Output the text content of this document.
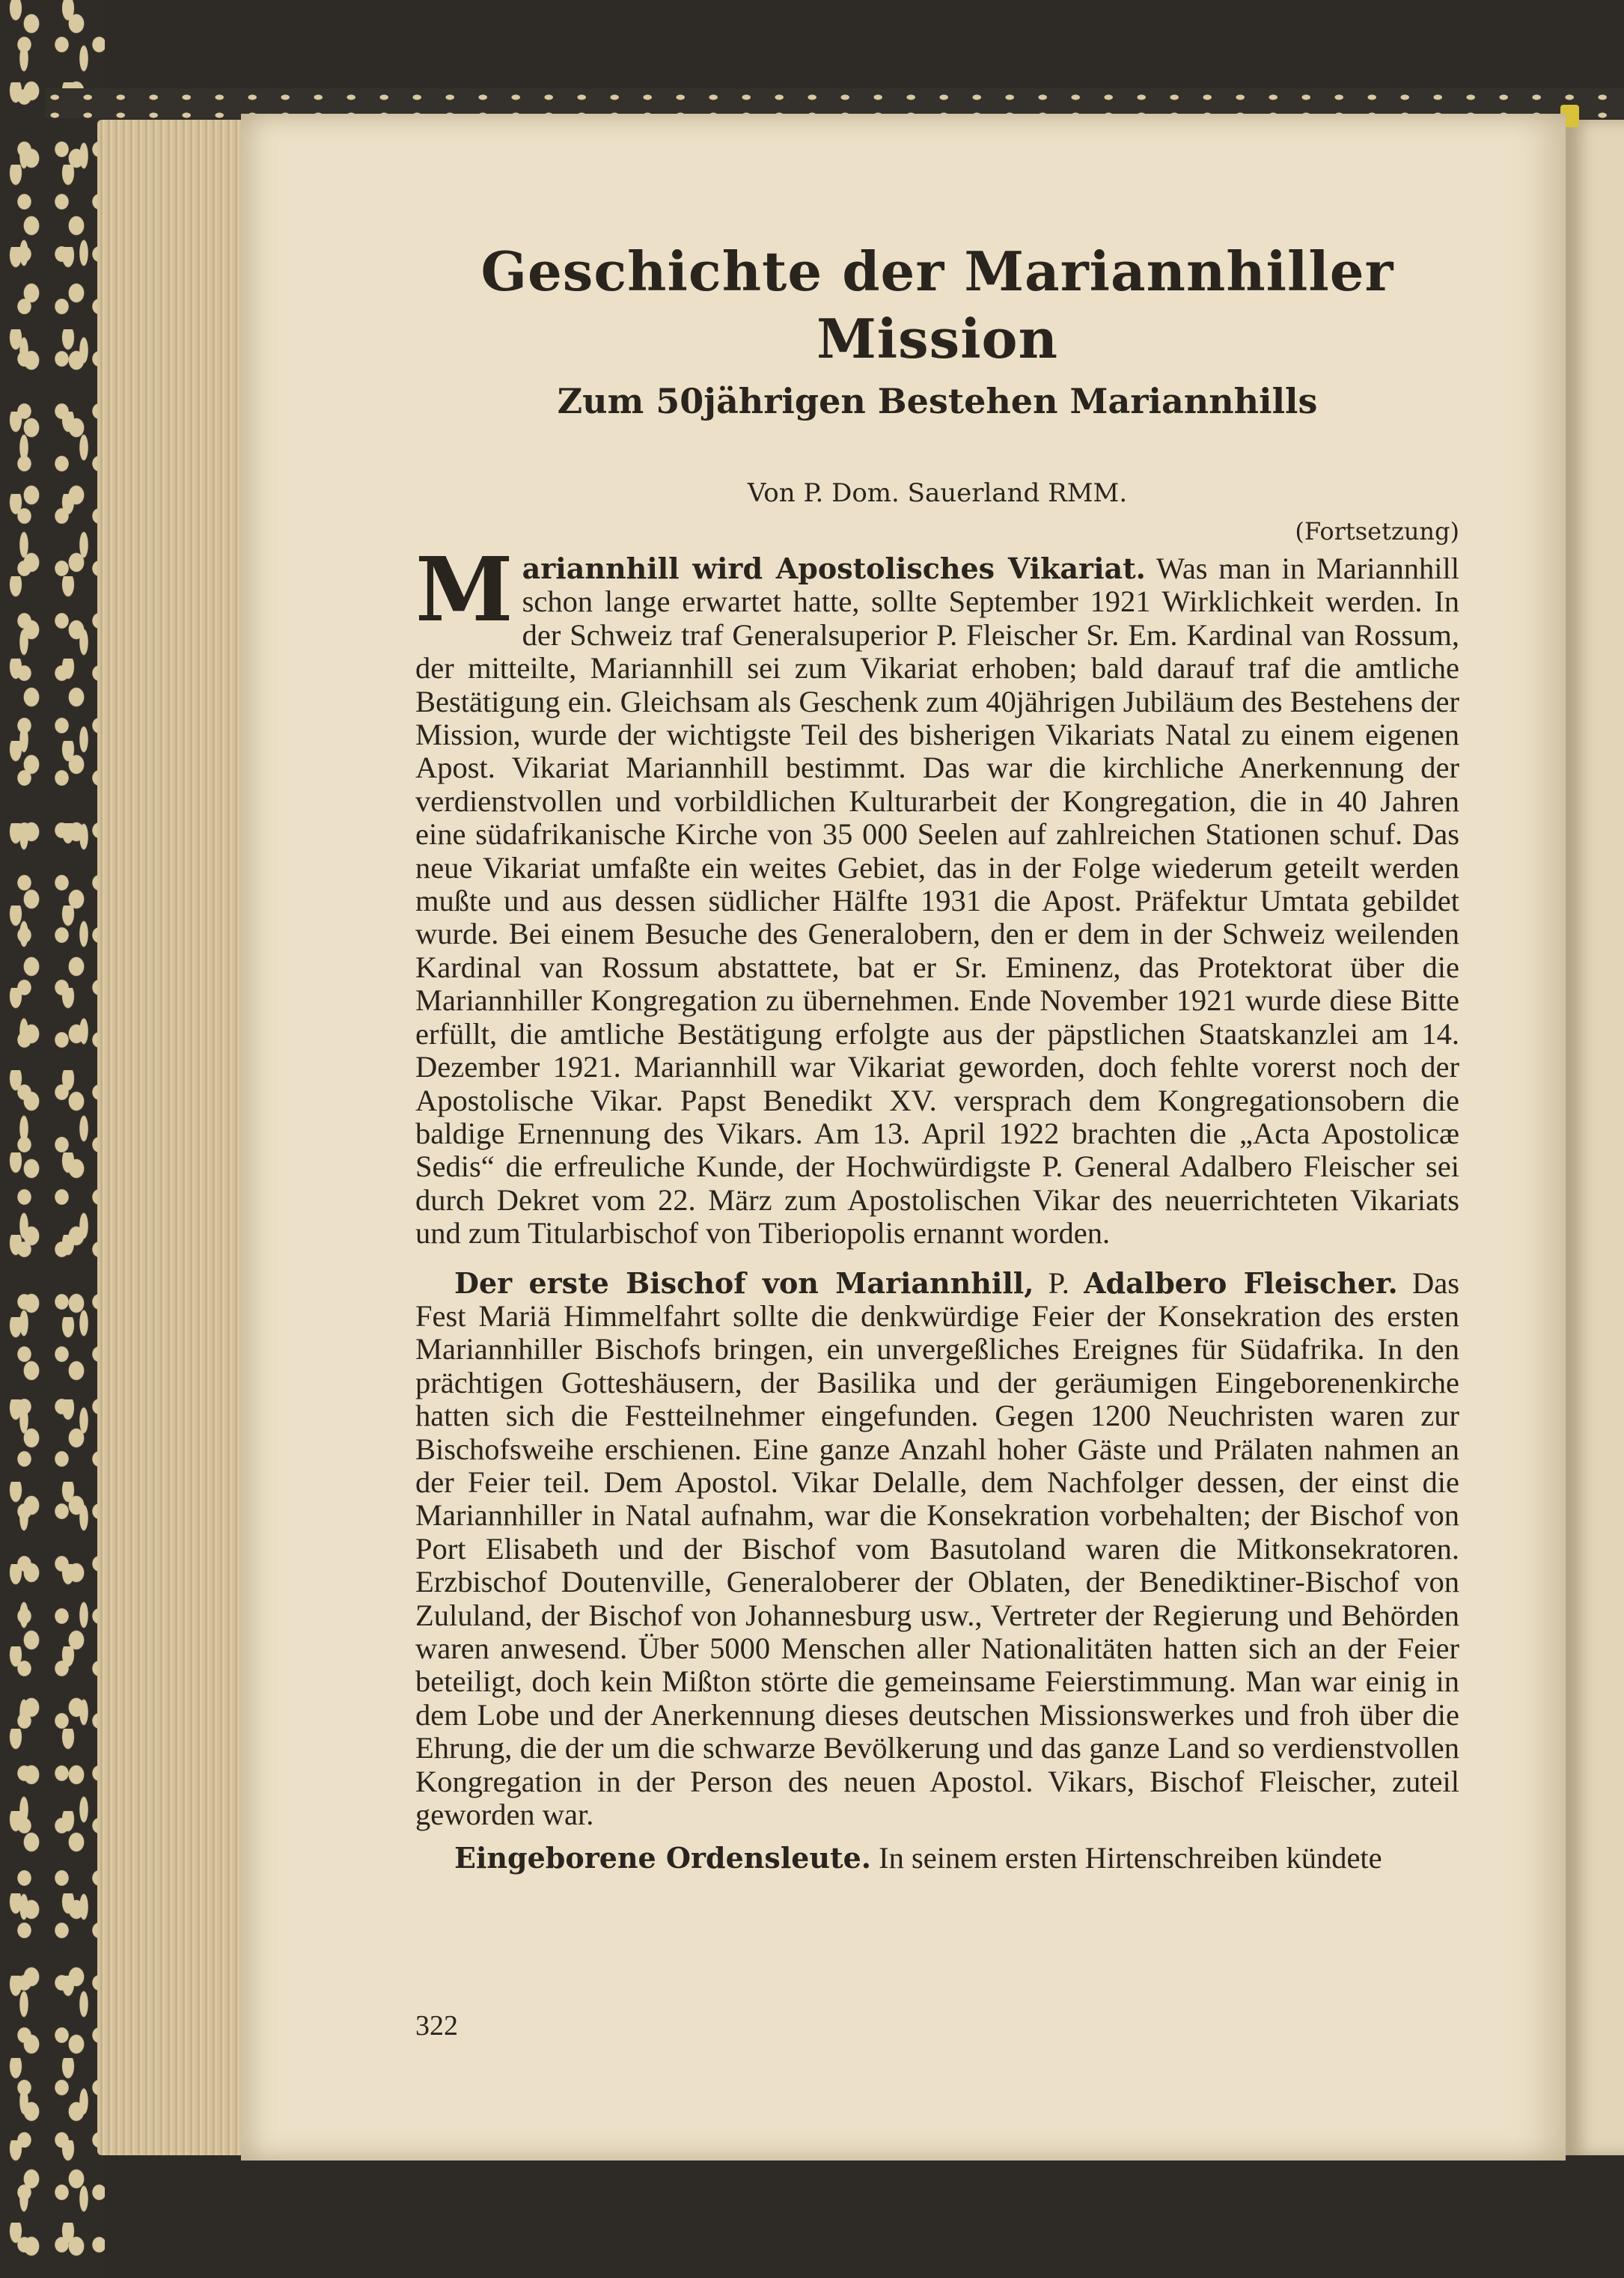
Geschichte der Mariannhiller Mission
Zum 50jährigen Bestehen Mariannhills

Von P. Dom. Sauerland RMM.

(Fortsetzung)

Mariannhill wird Apostolisches Vikariat. Was man in Mariannhill schon lange erwartet hatte, sollte September 1921 Wirklichkeit werden. In der Schweiz traf Generalsuperior P. Fleischer Sr. Em. Kardinal van Rossum, der mitteilte, Mariannhill sei zum Vikariat erhoben; bald darauf traf die amtliche Bestätigung ein. Gleichsam als Geschenk zum 40jährigen Jubiläum des Bestehens der Mission, wurde der wichtigste Teil des bisherigen Vikariats Natal zu einem eigenen Apost. Vikariat Mariannhill bestimmt. Das war die kirchliche Anerkennung der verdienstvollen und vorbildlichen Kulturarbeit der Kongregation, die in 40 Jahren eine südafrikanische Kirche von 35 000 Seelen auf zahlreichen Stationen schuf. Das neue Vikariat umfaßte ein weites Gebiet, das in der Folge wiederum geteilt werden mußte und aus dessen südlicher Hälfte 1931 die Apost. Präfektur Umtata gebildet wurde. Bei einem Besuche des Generalobern, den er dem in der Schweiz weilenden Kardinal van Rossum abstattete, bat er Sr. Eminenz, das Protektorat über die Mariannhiller Kongregation zu übernehmen. Ende November 1921 wurde diese Bitte erfüllt, die amtliche Bestätigung erfolgte aus der päpstlichen Staatskanzlei am 14. Dezember 1921. Mariannhill war Vikariat geworden, doch fehlte vorerst noch der Apostolische Vikar. Papst Benedikt XV. versprach dem Kongregationsobern die baldige Ernennung des Vikars. Am 13. April 1922 brachten die „Acta Apostolicæ Sedis“ die erfreuliche Kunde, der Hochwürdigste P. General Adalbero Fleischer sei durch Dekret vom 22. März zum Apostolischen Vikar des neuerrichteten Vikariats und zum Titularbischof von Tiberiopolis ernannt worden.

Der erste Bischof von Mariannhill, P. Adalbero Fleischer. Das Fest Mariä Himmelfahrt sollte die denkwürdige Feier der Konsekration des ersten Mariannhiller Bischofs bringen, ein unvergeßliches Ereignes für Südafrika. In den prächtigen Gotteshäusern, der Basilika und der geräumigen Eingeborenenkirche hatten sich die Festteilnehmer eingefunden. Gegen 1200 Neuchristen waren zur Bischofsweihe erschienen. Eine ganze Anzahl hoher Gäste und Prälaten nahmen an der Feier teil. Dem Apostol. Vikar Delalle, dem Nachfolger dessen, der einst die Mariannhiller in Natal aufnahm, war die Konsekration vorbehalten; der Bischof von Port Elisabeth und der Bischof vom Basutoland waren die Mitkonsekratoren. Erzbischof Doutenville, Generaloberer der Oblaten, der Benediktiner-Bischof von Zululand, der Bischof von Johannesburg usw., Vertreter der Regierung und Behörden waren anwesend. Über 5000 Menschen aller Nationalitäten hatten sich an der Feier beteiligt, doch kein Mißton störte die gemeinsame Feierstimmung. Man war einig in dem Lobe und der Anerkennung dieses deutschen Missionswerkes und froh über die Ehrung, die der um die schwarze Bevölkerung und das ganze Land so verdienstvollen Kongregation in der Person des neuen Apostol. Vikars, Bischof Fleischer, zuteil geworden war.

Eingeborene Ordensleute. In seinem ersten Hirtenschreiben kündete

322
